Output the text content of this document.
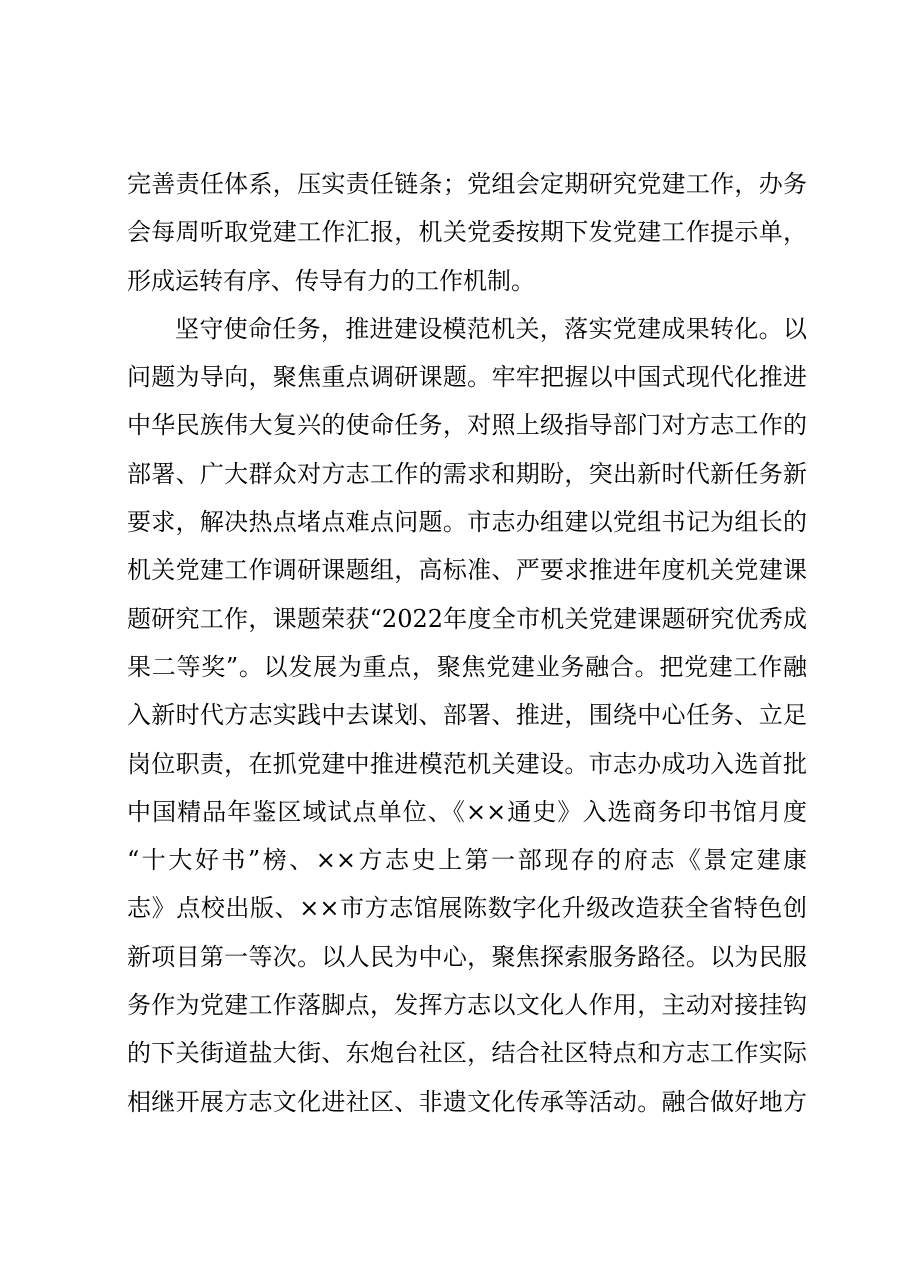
完善责任体系，压实责任链条；党组会定期研究党建工作，办务
会每周听取党建工作汇报，机关党委按期下发党建工作提示单，
形成运转有序、传导有力的工作机制。
坚守使命任务，推进建设模范机关，落实党建成果转化。以
问题为导向，聚焦重点调研课题。牢牢把握以中国式现代化推进
中华民族伟大复兴的使命任务，对照上级指导部门对方志工作的
部署、广大群众对方志工作的需求和期盼，突出新时代新任务新
要求，解决热点堵点难点问题。市志办组建以党组书记为组长的
机关党建工作调研课题组，高标准、严要求推进年度机关党建课
题研究工作，课题荣获“2022年度全市机关党建课题研究优秀成
果二等奖”。以发展为重点，聚焦党建业务融合。把党建工作融
入新时代方志实践中去谋划、部署、推进，围绕中心任务、立足
岗位职责，在抓党建中推进模范机关建设。市志办成功入选首批
中国精品年鉴区域试点单位、《××通史》入选商务印书馆月度
“十大好书”榜、××方志史上第一部现存的府志《景定建康
志》点校出版、××市方志馆展陈数字化升级改造获全省特色创
新项目第一等次。以人民为中心，聚焦探索服务路径。以为民服
务作为党建工作落脚点，发挥方志以文化人作用，主动对接挂钩
的下关街道盐大街、东炮台社区，结合社区特点和方志工作实际
相继开展方志文化进社区、非遗文化传承等活动。融合做好地方
